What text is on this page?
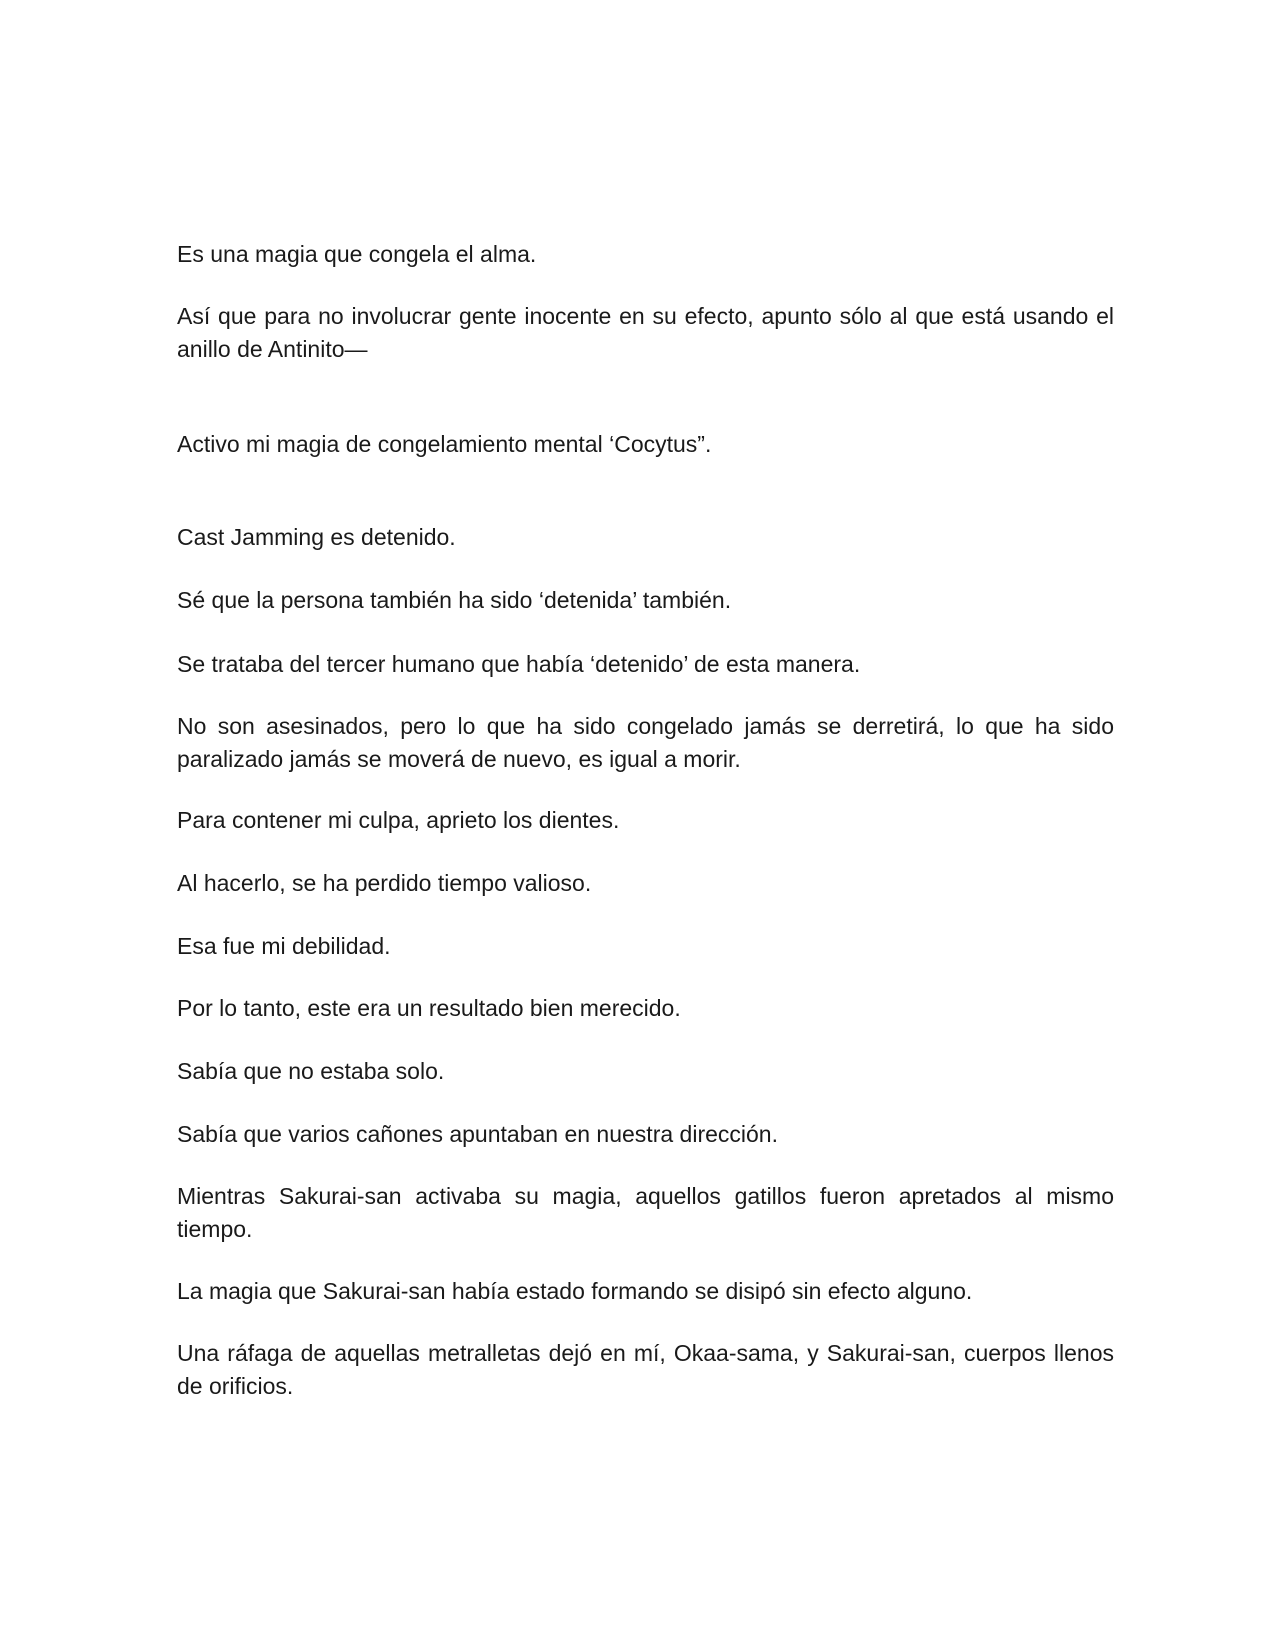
Es una magia que congela el alma.

Así que para no involucrar gente inocente en su efecto, apunto sólo al que está usando el anillo de Antinito—

Activo mi magia de congelamiento mental ‘Cocytus”.

Cast Jamming es detenido.

Sé que la persona también ha sido ‘detenida’ también.

Se trataba del tercer humano que había ‘detenido’ de esta manera.

No son asesinados, pero lo que ha sido congelado jamás se derretirá, lo que ha sido paralizado jamás se moverá de nuevo, es igual a morir.

Para contener mi culpa, aprieto los dientes.

Al hacerlo, se ha perdido tiempo valioso.

Esa fue mi debilidad.

Por lo tanto, este era un resultado bien merecido.

Sabía que no estaba solo.

Sabía que varios cañones apuntaban en nuestra dirección.

Mientras Sakurai-san activaba su magia, aquellos gatillos fueron apretados al mismo tiempo.

La magia que Sakurai-san había estado formando se disipó sin efecto alguno.

Una ráfaga de aquellas metralletas dejó en mí, Okaa-sama, y Sakurai-san, cuerpos llenos de orificios.
